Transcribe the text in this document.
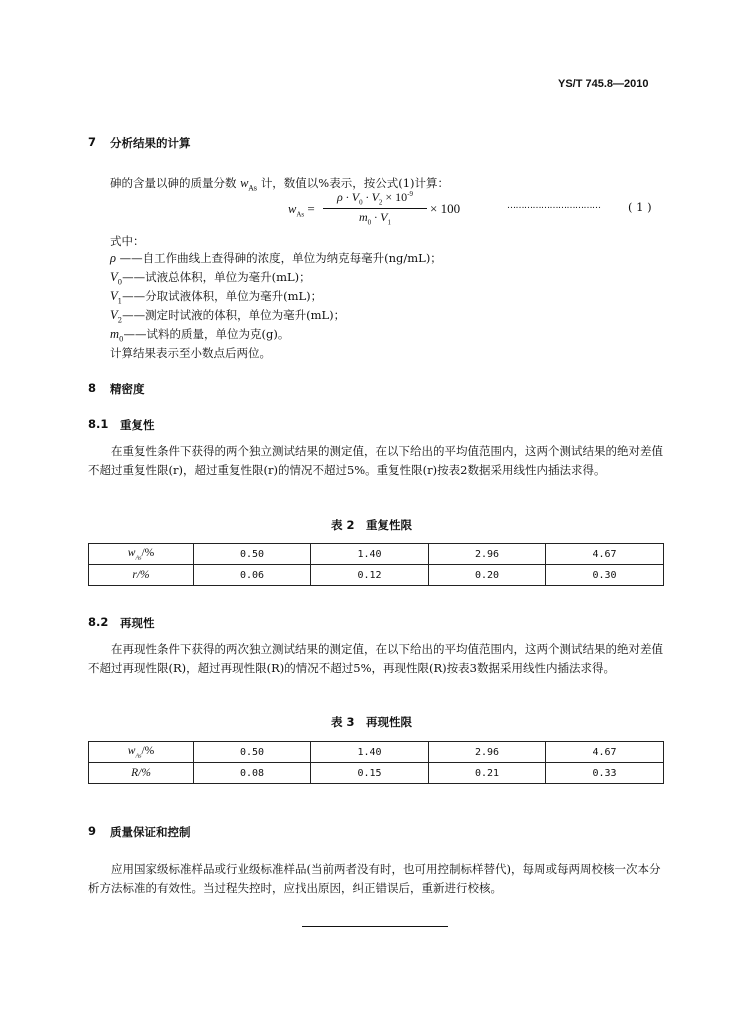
YS/T 745.8—2010
7 分析结果的计算
砷的含量以砷的质量分数 $w_{As}$ 计，数值以%表示，按公式(1)计算：
$w_{As}$ =
$\rho \cdot V_0 \cdot V_2 \times 10^{-9}$
$m_0 \cdot V_1$
× 100	…………………………… ( 1 )
式中：
ρ ——自工作曲线上查得砷的浓度，单位为纳克每毫升(ng/mL)；
$V_0——$试液总体积，单位为毫升(mL)；
$V_1——$分取试液体积，单位为毫升(mL)；
$V_2——$测定时试液的体积，单位为毫升(mL)；
$m_0——$试料的质量，单位为克(g)。
计算结果表示至小数点后两位。
8 精密度
8.1 重复性
在重复性条件下获得的两个独立测试结果的测定值，在以下给出的平均值范围内，这两个测试结果的绝对差值不超过重复性限(r)，超过重复性限(r)的情况不超过5%。重复性限(r)按表2数据采用线性内插法求得。
表 2　重复性限
$w_{As}/\%$	0.50	1.40	2.96	4.67
r/%	0.06	0.12	0.20	0.30
8.2 再现性
在再现性条件下获得的两次独立测试结果的测定值，在以下给出的平均值范围内，这两个测试结果的绝对差值不超过再现性限(R)，超过再现性限(R)的情况不超过5%，再现性限(R)按表3数据采用线性内插法求得。
表 3　再现性限
$w_{As}/\%$	0.50	1.40	2.96	4.67
R/%	0.08	0.15	0.21	0.33
9 质量保证和控制
应用国家级标准样品或行业级标准样品(当前两者没有时，也可用控制标样替代)，每周或每两周校核一次本分析方法标准的有效性。当过程失控时，应找出原因，纠正错误后，重新进行校核。
